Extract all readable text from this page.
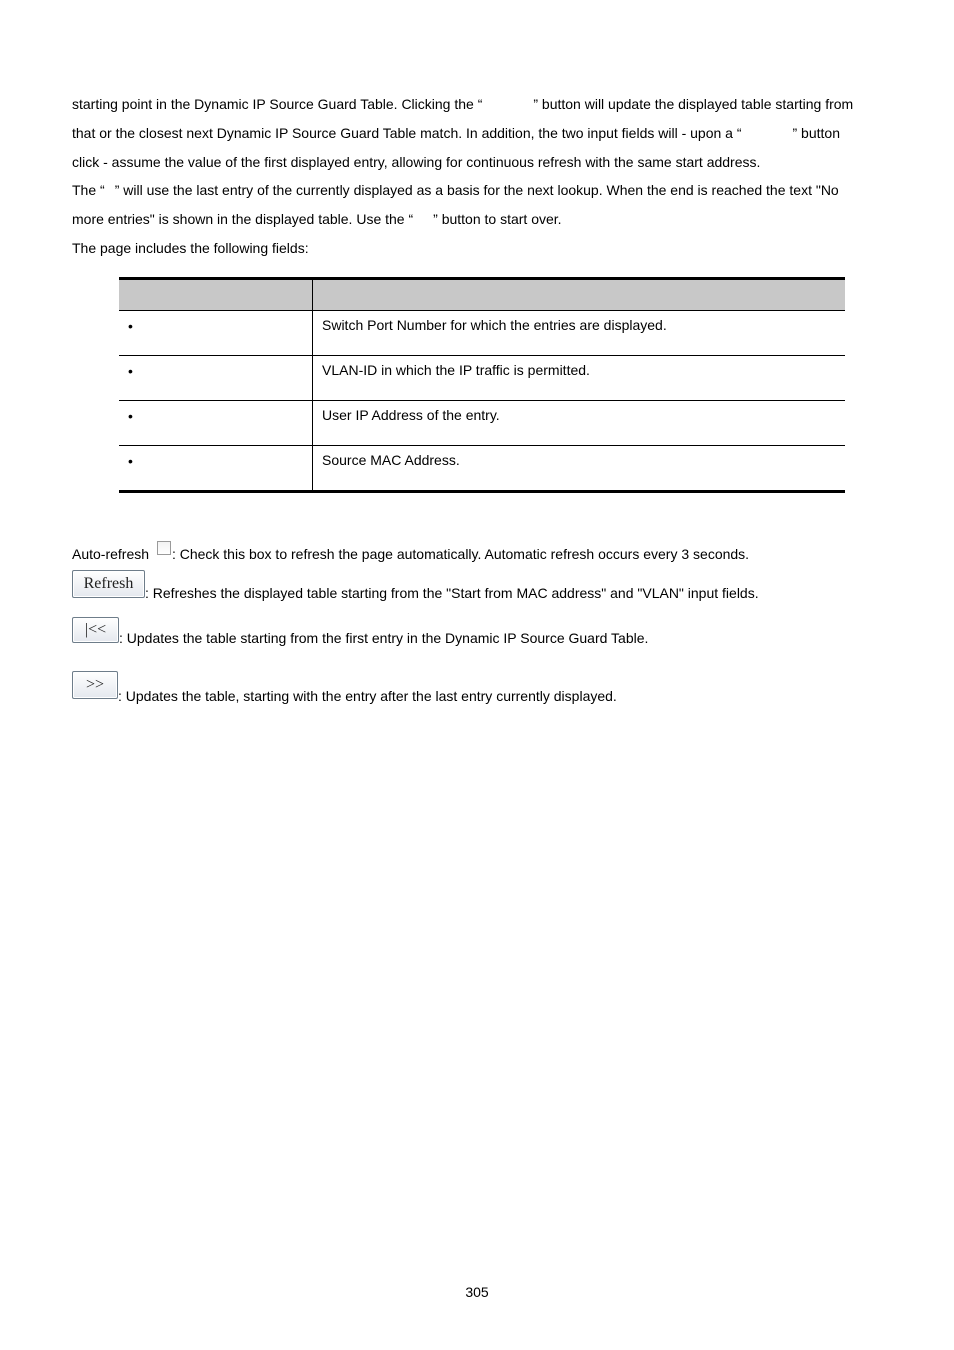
starting point in the Dynamic IP Source Guard Table. Clicking the “	” button will update the displayed table starting from
that or the closest next Dynamic IP Source Guard Table match. In addition, the two input fields will - upon a “	” button
click - assume the value of the first displayed entry, allowing for continuous refresh with the same start address.
The “ ” will use the last entry of the currently displayed as a basis for the next lookup. When the end is reached the text "No
more entries" is shown in the displayed table. Use the “ ” button to start over.
The page includes the following fields:

•	Switch Port Number for which the entries are displayed.

•	VLAN-ID in which the IP traffic is permitted.

•	User IP Address of the entry.

•	Source MAC Address.
Auto-refresh : Check this box to refresh the page automatically. Automatic refresh occurs every 3 seconds.
Refresh
: Refreshes the displayed table starting from the "Start from MAC address" and "VLAN" input fields.
|<< : Updates the table starting from the first entry in the Dynamic IP Source Guard Table.
>>
: Updates the table, starting with the entry after the last entry currently displayed.
305
